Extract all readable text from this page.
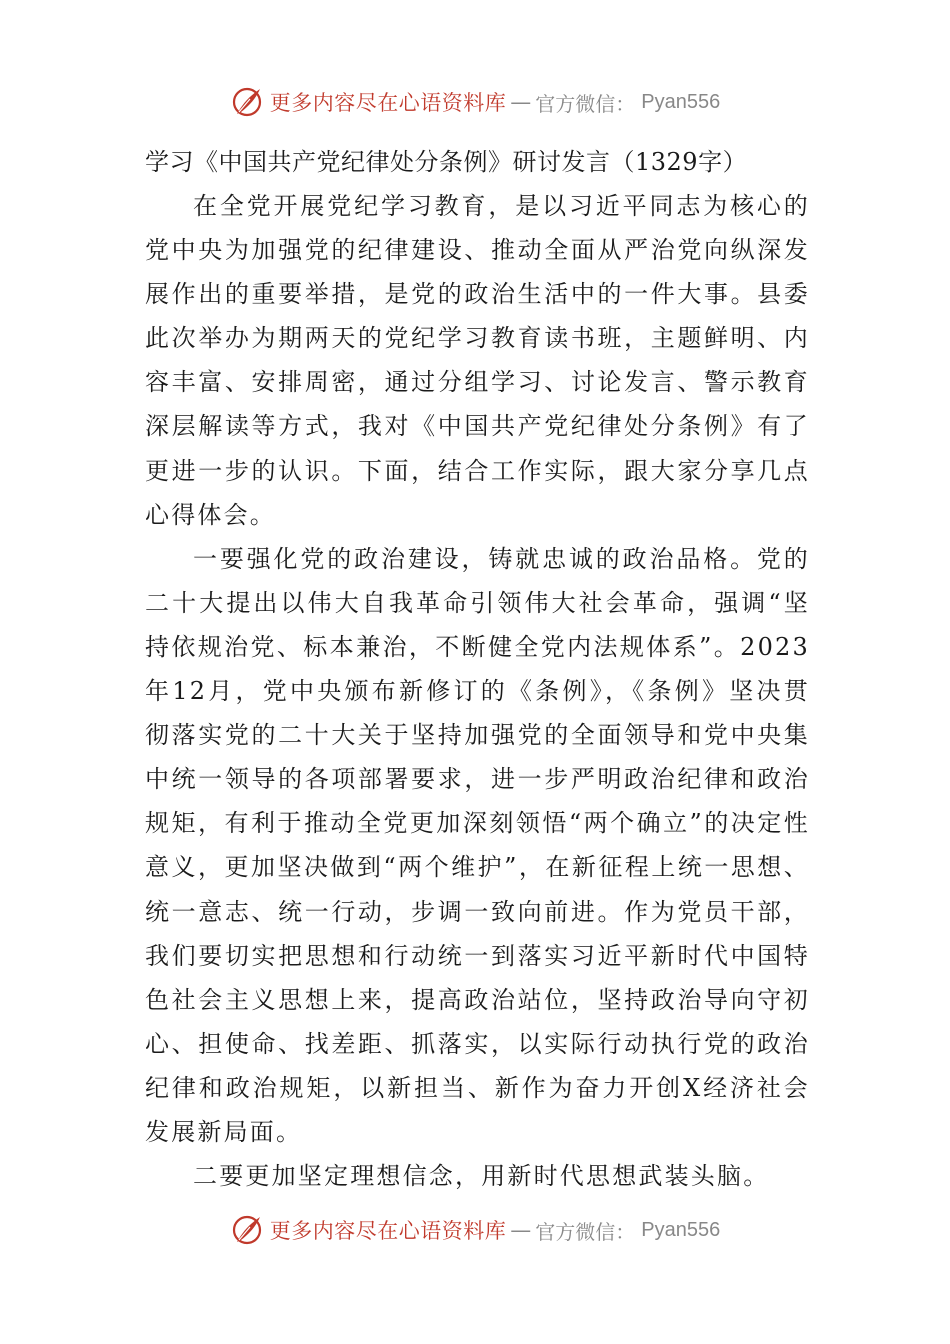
更多内容尽在心语资料库 — 官方微信： Pyan556
学习《中国共产党纪律处分条例》研讨发言（1329字）

在全党开展党纪学习教育，是以习近平同志为核心的党中央为加强党的纪律建设、推动全面从严治党向纵深发展作出的重要举措，是党的政治生活中的一件大事。县委此次举办为期两天的党纪学习教育读书班，主题鲜明、内容丰富、安排周密，通过分组学习、讨论发言、警示教育深层解读等方式，我对《中国共产党纪律处分条例》有了更进一步的认识。下面，结合工作实际，跟大家分享几点心得体会。

一要强化党的政治建设，铸就忠诚的政治品格。党的二十大提出以伟大自我革命引领伟大社会革命，强调“坚持依规治党、标本兼治，不断健全党内法规体系”。2023年12月，党中央颁布新修订的《条例》，《条例》坚决贯彻落实党的二十大关于坚持加强党的全面领导和党中央集中统一领导的各项部署要求，进一步严明政治纪律和政治规矩，有利于推动全党更加深刻领悟“两个确立”的决定性意义，更加坚决做到“两个维护”，在新征程上统一思想、统一意志、统一行动，步调一致向前进。作为党员干部，我们要切实把思想和行动统一到落实习近平新时代中国特色社会主义思想上来，提高政治站位，坚持政治导向守初心、担使命、找差距、抓落实，以实际行动执行党的政治纪律和政治规矩，以新担当、新作为奋力开创X经济社会发展新局面。

二要更加坚定理想信念，用新时代思想武装头脑。

更多内容尽在心语资料库 — 官方微信： Pyan556
